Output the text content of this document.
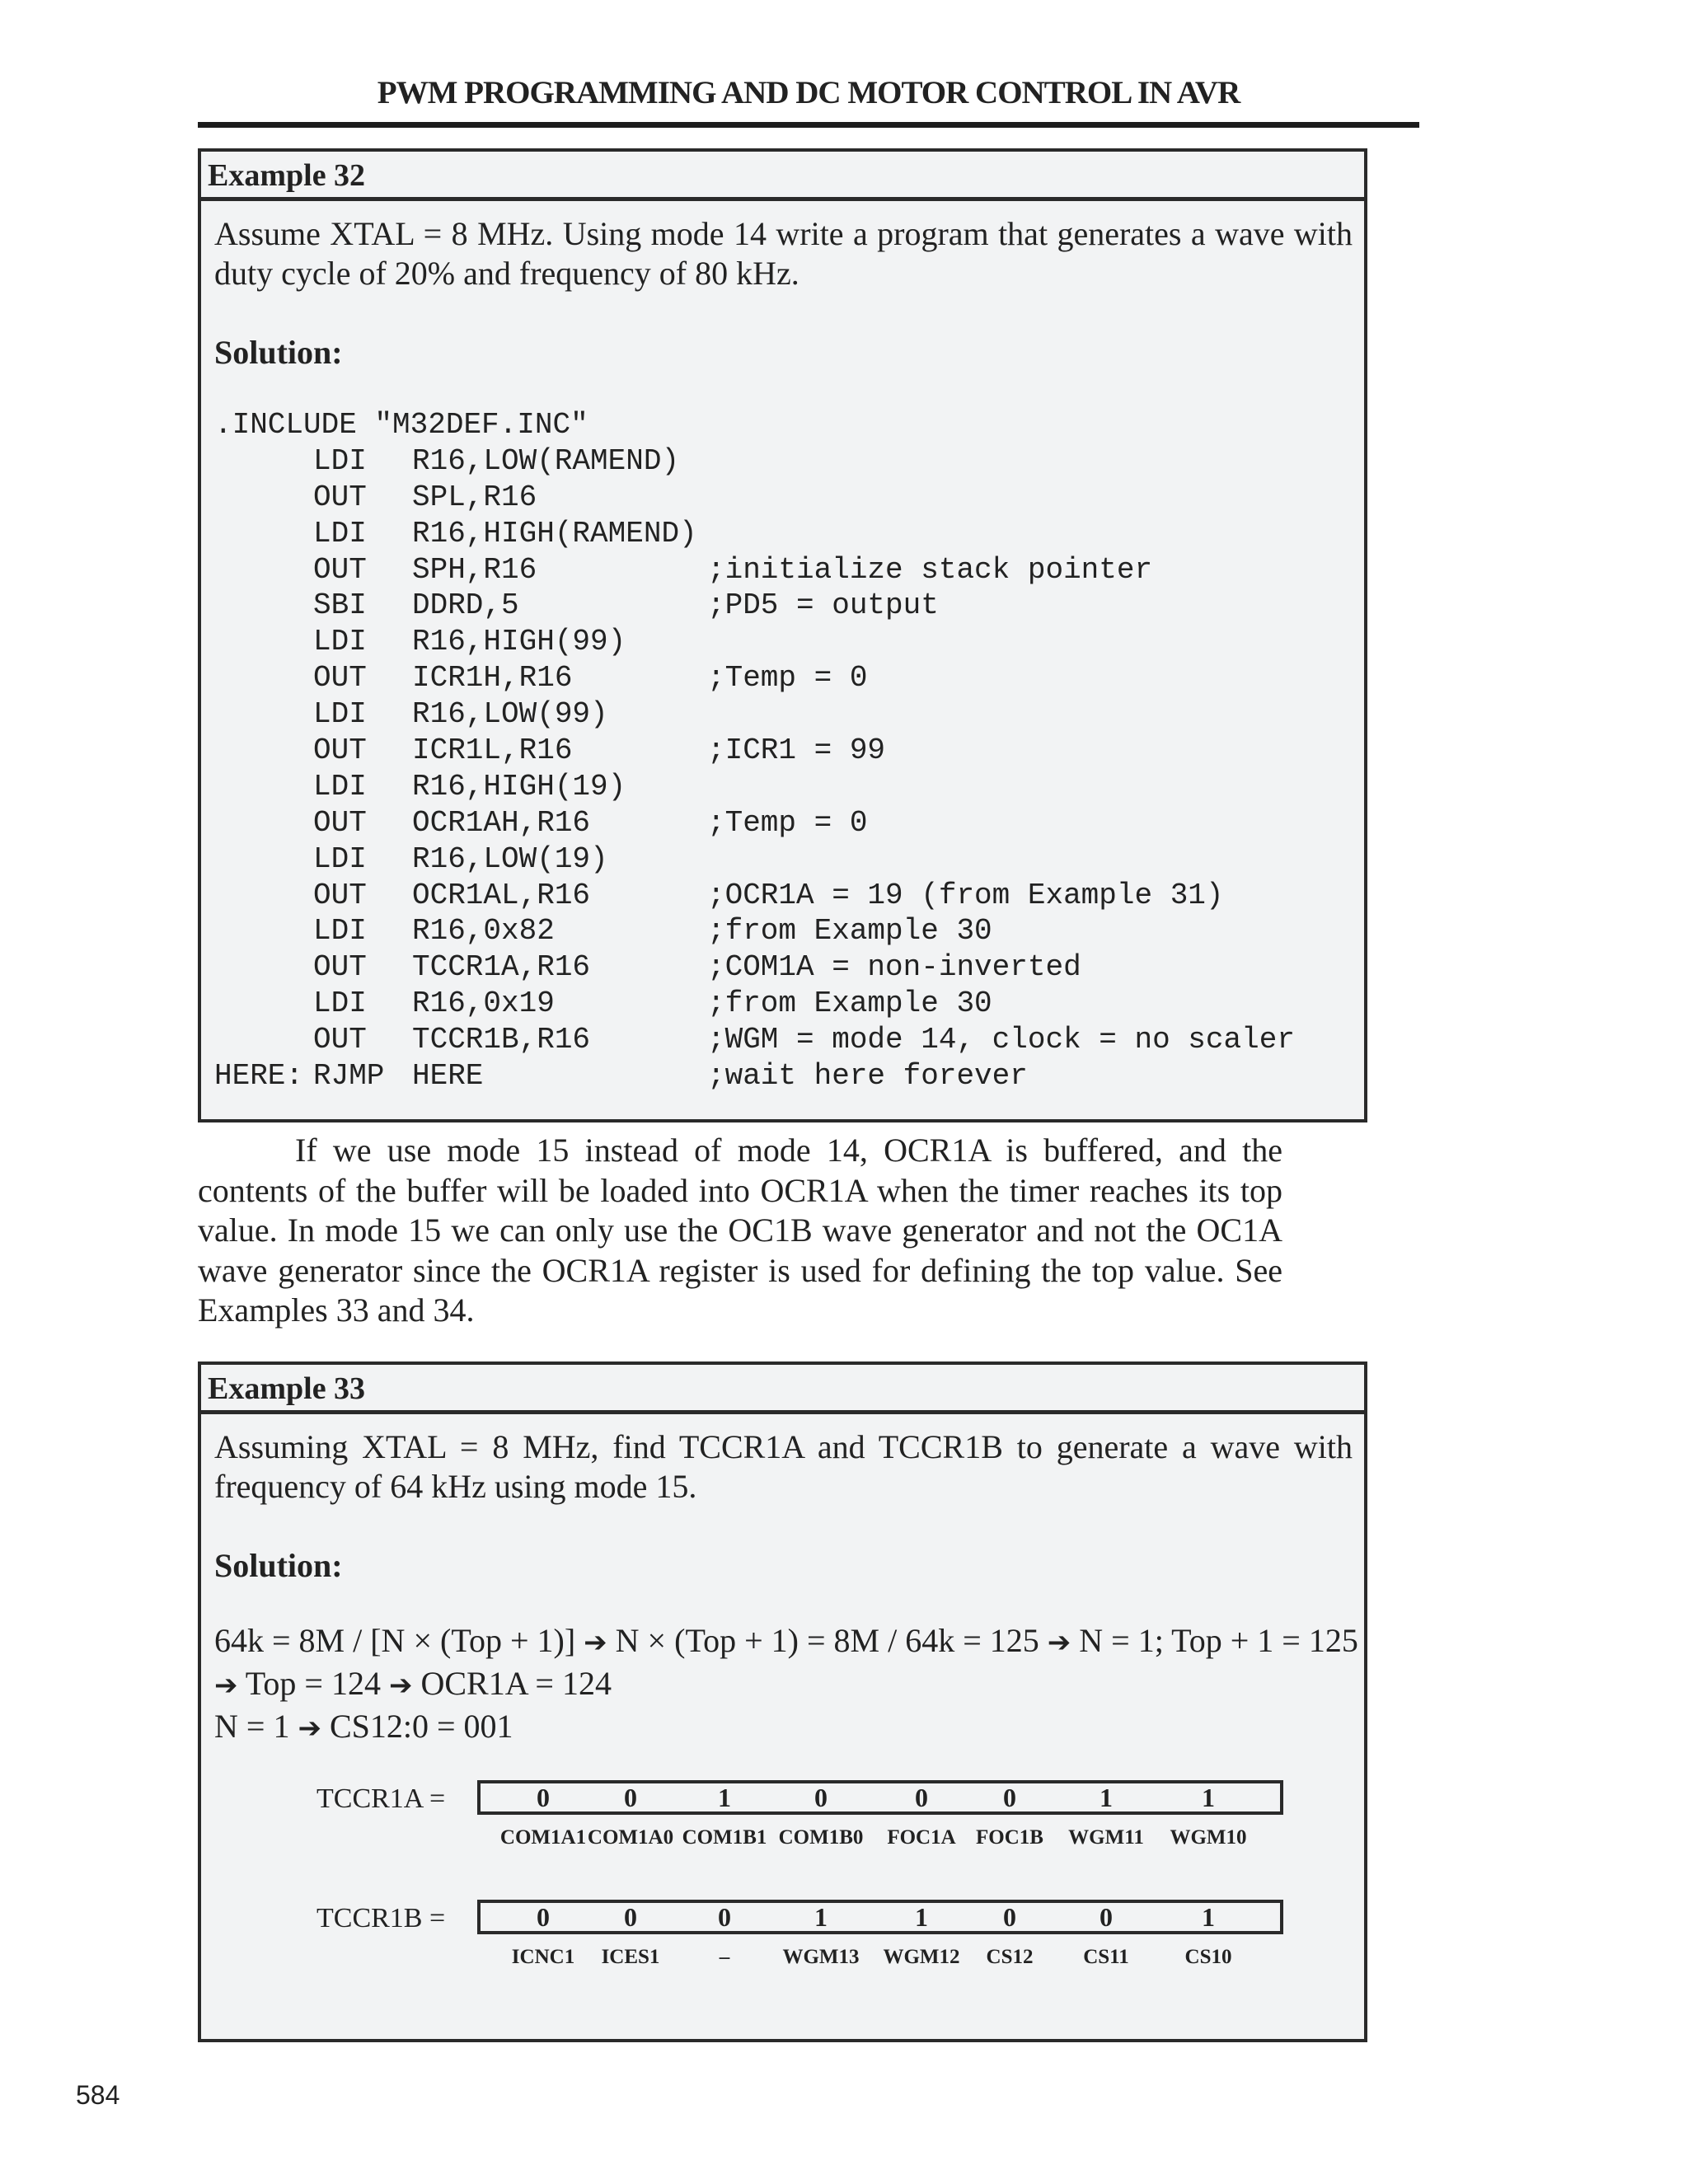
PWM PROGRAMMING AND DC MOTOR CONTROL IN AVR
Example 32
Assume XTAL = 8 MHz. Using mode 14 write a program that generates a wave with duty cycle of 20% and frequency of 80 kHz.
Solution:
.INCLUDE "M32DEF.INC"
LDI R16,LOW(RAMEND)
OUT SPL,R16
LDI R16,HIGH(RAMEND)
OUT SPH,R16	;initialize stack pointer
SBI DDRD,5	;PD5 = output
LDI R16,HIGH(99)
OUT ICR1H,R16	;Temp = 0
LDI R16,LOW(99)
OUT ICR1L,R16	;ICR1 = 99
LDI R16,HIGH(19)
OUT OCR1AH,R16	;Temp = 0
LDI R16,LOW(19)
OUT OCR1AL,R16	;OCR1A = 19 (from Example 31)
LDI R16,0x82	;from Example 30
OUT TCCR1A,R16	;COM1A = non-inverted
LDI R16,0x19	;from Example 30
OUT TCCR1B,R16	;WGM = mode 14, clock = no scaler
HERE: RJMP HERE	;wait here forever
If we use mode 15 instead of mode 14, OCR1A is buffered, and the contents of the buffer will be loaded into OCR1A when the timer reaches its top value. In mode 15 we can only use the OC1B wave generator and not the OC1A wave generator since the OCR1A register is used for defining the top value. See Examples 33 and 34.
Example 33
Assuming XTAL = 8 MHz, find TCCR1A and TCCR1B to generate a wave with frequency of 64 kHz using mode 15.
Solution:
64k = 8M / [N × (Top + 1)] ➔ N × (Top + 1) = 8M / 64k = 125 ➔ N = 1; Top + 1 = 125
➔ Top = 124 ➔ OCR1A = 124
N = 1 ➔ CS12:0 = 001
TCCR1A =	0	0	1	0	0	0	1	1
COM1A1 COM1A0 COM1B1 COM1B0	FOC1A FOC1B	WGM11	WGM10
TCCR1B =	0	0	0	1	1	0	0	1
ICNC1	ICES1	–	WGM13	WGM12	CS12	CS11	CS10
584
